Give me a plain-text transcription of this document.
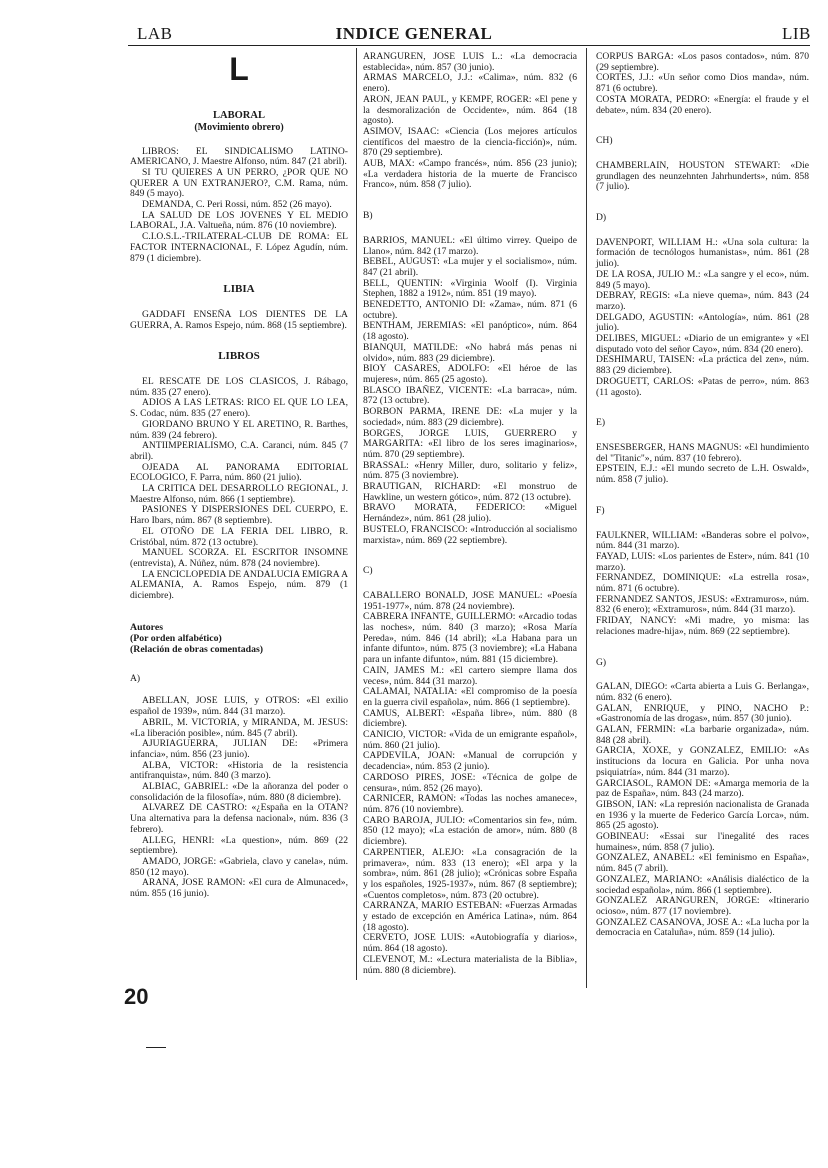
LAB	INDICE GENERAL	LIB
L
LABORAL
(Movimiento obrero)

LIBROS: EL SINDICALISMO LATINO-AMERICANO, J. Maestre Alfonso, núm. 847 (21 abril).

SI TU QUIERES A UN PERRO, ¿POR QUE NO QUERER A UN EXTRANJERO?, C.M. Rama, núm. 849 (5 mayo).

DEMANDA, C. Peri Rossi, núm. 852 (26 mayo).

LA SALUD DE LOS JOVENES Y EL MEDIO LABORAL, J.A. Valtueña, núm. 876 (10 noviembre).

C.I.O.S.L.-TRILATERAL-CLUB DE ROMA: EL FACTOR INTERNACIONAL, F. López Agudín, núm. 879 (1 diciembre).

LIBIA

GADDAFI ENSEÑA LOS DIENTES DE LA GUERRA, A. Ramos Espejo, núm. 868 (15 septiembre).

LIBROS

EL RESCATE DE LOS CLASICOS, J. Rábago, núm. 835 (27 enero).

ADIOS A LAS LETRAS: RICO EL QUE LO LEA, S. Codac, núm. 835 (27 enero).

GIORDANO BRUNO Y EL ARETINO, R. Barthes, núm. 839 (24 febrero).

ANTIIMPERIALISMO, C.A. Caranci, núm. 845 (7 abril).

OJEADA AL PANORAMA EDITORIAL ECOLOGICO, F. Parra, núm. 860 (21 julio).

LA CRITICA DEL DESARROLLO REGIONAL, J. Maestre Alfonso, núm. 866 (1 septiembre).

PASIONES Y DISPERSIONES DEL CUERPO, E. Haro Ibars, núm. 867 (8 septiembre).

EL OTOÑO DE LA FERIA DEL LIBRO, R. Cristóbal, núm. 872 (13 octubre).

MANUEL SCORZA. EL ESCRITOR INSOMNE (entrevista), A. Núñez, núm. 878 (24 noviembre).

LA ENCICLOPEDIA DE ANDALUCIA EMIGRA A ALEMANIA, A. Ramos Espejo, núm. 879 (1 diciembre).

Autores
(Por orden alfabético)
(Relación de obras comentadas)
A)

ABELLAN, JOSE LUIS, y OTROS: «El exilio español de 1939», núm. 844 (31 marzo).

ABRIL, M. VICTORIA, y MIRANDA, M. JESUS: «La liberación posible», núm. 845 (7 abril).

AJURIAGUERRA, JULIAN DE: «Primera infancia», núm. 856 (23 junio).

ALBA, VICTOR: «Historia de la resistencia antifranquista», núm. 840 (3 marzo).

ALBIAC, GABRIEL: «De la añoranza del poder o consolidación de la filosofía», núm. 880 (8 diciembre).

ALVAREZ DE CASTRO: «¿España en la OTAN? Una alternativa para la defensa nacional», núm. 836 (3 febrero).

ALLEG, HENRI: «La question», núm. 869 (22 septiembre).

AMADO, JORGE: «Gabriela, clavo y canela», núm. 850 (12 mayo).

ARANA, JOSE RAMON: «El cura de Almunaced», núm. 855 (16 junio).

ARANGUREN, JOSE LUIS L.: «La democracia establecida», núm. 857 (30 junio).

ARMAS MARCELO, J.J.: «Calima», núm. 832 (6 enero).

ARON, JEAN PAUL, y KEMPF, ROGER: «El pene y la desmoralización de Occidente», núm. 864 (18 agosto).

ASIMOV, ISAAC: «Ciencia (Los mejores artículos científicos del maestro de la ciencia-ficción)», núm. 870 (29 septiembre).

AUB, MAX: «Campo francés», núm. 856 (23 junio); «La verdadera historia de la muerte de Francisco Franco», núm. 858 (7 julio).

B)

BARRIOS, MANUEL: «El último virrey. Queipo de Llano», núm. 842 (17 marzo).

BEBEL, AUGUST: «La mujer y el socialismo», núm. 847 (21 abril).

BELL, QUENTIN: «Virginia Woolf (I). Virginia Stephen, 1882 a 1912», núm. 851 (19 mayo).

BENEDETTO, ANTONIO DI: «Zama», núm. 871 (6 octubre).

BENTHAM, JEREMIAS: «El panóptico», núm. 864 (18 agosto).

BIANQUI, MATILDE: «No habrá más penas ni olvido», núm. 883 (29 diciembre).

BIOY CASARES, ADOLFO: «El héroe de las mujeres», núm. 865 (25 agosto).

BLASCO IBAÑEZ, VICENTE: «La barraca», núm. 872 (13 octubre).

BORBON PARMA, IRENE DE: «La mujer y la sociedad», núm. 883 (29 diciembre).

BORGES, JORGE LUIS, GUERRERO y MARGARITA: «El libro de los seres imaginarios», núm. 870 (29 septiembre).

BRASSAL: «Henry Miller, duro, solitario y feliz», núm. 875 (3 noviembre).

BRAUTIGAN, RICHARD: «El monstruo de Hawkline, un western gótico», núm. 872 (13 octubre).

BRAVO MORATA, FEDERICO: «Miguel Hernández», núm. 861 (28 julio).

BUSTELO, FRANCISCO: «Introducción al socialismo marxista», núm. 869 (22 septiembre).

C)

CABALLERO BONALD, JOSE MANUEL: «Poesía 1951-1977», núm. 878 (24 noviembre).

CABRERA INFANTE, GUILLERMO: «Arcadio todas las noches», núm. 840 (3 marzo); «Rosa María Pereda», núm. 846 (14 abril); «La Habana para un infante difunto», núm. 875 (3 noviembre); «La Habana para un infante difunto», núm. 881 (15 diciembre).

CAIN, JAMES M.: «El cartero siempre llama dos veces», núm. 844 (31 marzo).

CALAMAI, NATALIA: «El compromiso de la poesía en la guerra civil española», núm. 866 (1 septiembre).

CAMUS, ALBERT: «España libre», núm. 880 (8 diciembre).

CANICIO, VICTOR: «Vida de un emigrante español», núm. 860 (21 julio).

CAPDEVILA, JOAN: «Manual de corrupción y decadencia», núm. 853 (2 junio).

CARDOSO PIRES, JOSE: «Técnica de golpe de censura», núm. 852 (26 mayo).

CARNICER, RAMON: «Todas las noches amanece», núm. 876 (10 noviembre).

CARO BAROJA, JULIO: «Comentarios sin fe», núm. 850 (12 mayo); «La estación de amor», núm. 880 (8 diciembre).

CARPENTIER, ALEJO: «La consagración de la primavera», núm. 833 (13 enero); «El arpa y la sombra», núm. 861 (28 julio); «Crónicas sobre España y los españoles, 1925-1937», núm. 867 (8 septiembre); «Cuentos completos», núm. 873 (20 octubre).

CARRANZA, MARIO ESTEBAN: «Fuerzas Armadas y estado de excepción en América Latina», núm. 864 (18 agosto).

CERVETO, JOSE LUIS: «Autobiografía y diarios», núm. 864 (18 agosto).

CLEVENOT, M.: «Lectura materialista de la Biblia», núm. 880 (8 diciembre).

CORPUS BARGA: «Los pasos contados», núm. 870 (29 septiembre).

CORTES, J.J.: «Un señor como Dios manda», núm. 871 (6 octubre).

COSTA MORATA, PEDRO: «Energía: el fraude y el debate», núm. 834 (20 enero).

CH)

CHAMBERLAIN, HOUSTON STEWART: «Die grundlagen des neunzehnten Jahrhunderts», núm. 858 (7 julio).

D)

DAVENPORT, WILLIAM H.: «Una sola cultura: la formación de tecnólogos humanistas», núm. 861 (28 julio).

DE LA ROSA, JULIO M.: «La sangre y el eco», núm. 849 (5 mayo).

DEBRAY, REGIS: «La nieve quema», núm. 843 (24 marzo).

DELGADO, AGUSTIN: «Antología», núm. 861 (28 julio).

DELIBES, MIGUEL: «Diario de un emigrante» y «El disputado voto del señor Cayo», núm. 834 (20 enero).

DESHIMARU, TAISEN: «La práctica del zen», núm. 883 (29 diciembre).

DROGUETT, CARLOS: «Patas de perro», núm. 863 (11 agosto).

E)

ENSESBERGER, HANS MAGNUS: «El hundimiento del "Titanic"», núm. 837 (10 febrero).

EPSTEIN, E.J.: «El mundo secreto de L.H. Oswald», núm. 858 (7 julio).

F)

FAULKNER, WILLIAM: «Banderas sobre el polvo», núm. 844 (31 marzo).

FAYAD, LUIS: «Los parientes de Ester», núm. 841 (10 marzo).

FERNANDEZ, DOMINIQUE: «La estrella rosa», núm. 871 (6 octubre).

FERNANDEZ SANTOS, JESUS: «Extramuros», núm. 832 (6 enero); «Extramuros», núm. 844 (31 marzo).

FRIDAY, NANCY: «Mi madre, yo misma: las relaciones madre-hija», núm. 869 (22 septiembre).

G)

GALAN, DIEGO: «Carta abierta a Luis G. Berlanga», núm. 832 (6 enero).

GALAN, ENRIQUE, y PINO, NACHO P.: «Gastronomía de las drogas», núm. 857 (30 junio).

GALAN, FERMIN: «La barbarie organizada», núm. 848 (28 abril).

GARCIA, XOXE, y GONZALEZ, EMILIO: «As institucions da locura en Galicia. Por unha nova psiquiatría», núm. 844 (31 marzo).

GARCIASOL, RAMON DE: «Amarga memoria de la paz de España», núm. 843 (24 marzo).

GIBSON, IAN: «La represión nacionalista de Granada en 1936 y la muerte de Federico García Lorca», núm. 865 (25 agosto).

GOBINEAU: «Essai sur l'inegalité des races humaines», núm. 858 (7 julio).

GONZALEZ, ANABEL: «El feminismo en España», núm. 845 (7 abril).

GONZALEZ, MARIANO: «Análisis dialéctico de la sociedad española», núm. 866 (1 septiembre).

GONZALEZ ARANGUREN, JORGE: «Itinerario ocioso», núm. 877 (17 noviembre).

GONZALEZ CASANOVA, JOSE A.: «La lucha por la democracia en Cataluña», núm. 859 (14 julio).

20
